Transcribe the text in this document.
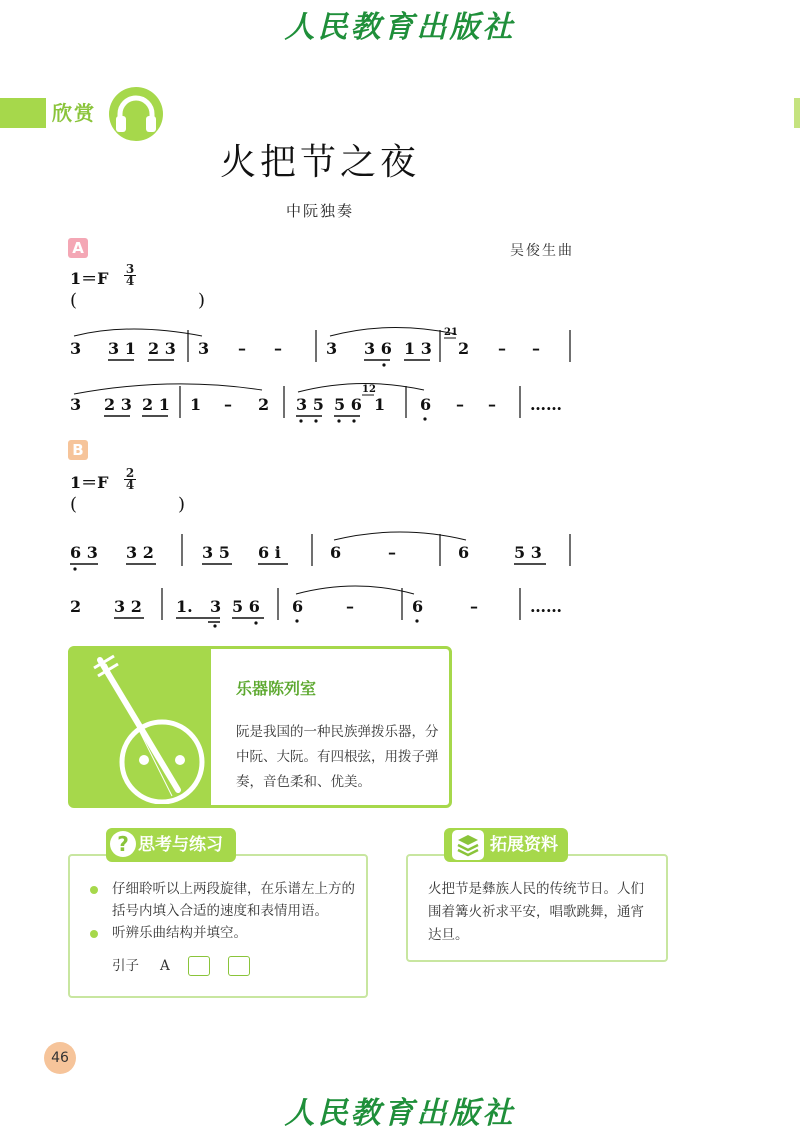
人民教育出版社
欣赏
火把节之夜
中阮独奏
吴俊生曲
A
1＝F 3
4
(	)
3 3 1 2 3 3 – –	3 3 6 1 3
21
2 – –
3 2 3 2 1 1 – 2 3 5 5 6
12
1 6 – – ……
B
1＝F 2
4
(	)
6 3 3 2	3 5 6 i	6	–	6	5 3
2 3 2 1. 3 5 6 6	–	6	–	……
乐器陈列室
阮是我国的一种民族弹拨乐器，分中阮、大阮。有四根弦，用拨子弹奏，音色柔和、优美。
? 思考与练习
仔细聆听以上两段旋律，在乐谱左上方的括号内填入合适的速度和表情用语。
听辨乐曲结构并填空。
引子 A
拓展资料
火把节是彝族人民的传统节日。人们围着篝火祈求平安，唱歌跳舞，通宵达旦。
46
人民教育出版社
